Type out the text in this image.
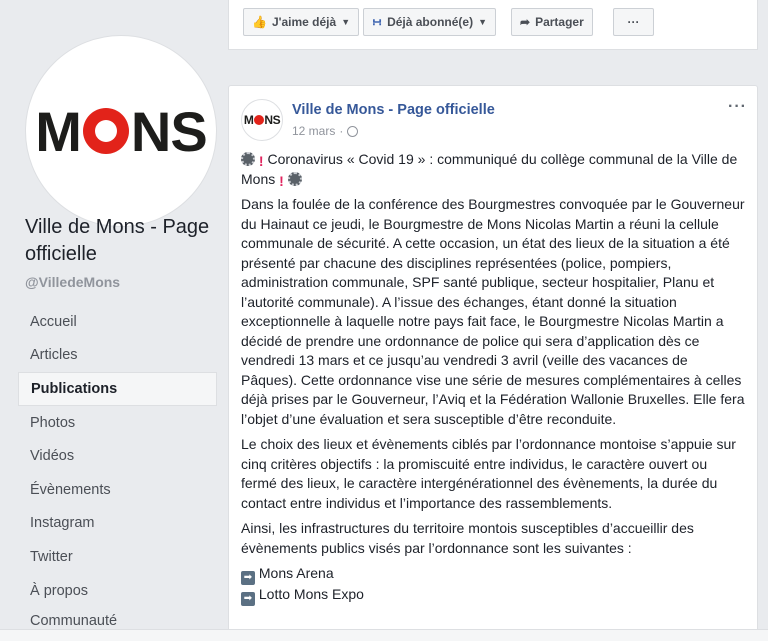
M NS
Ville de Mons - Page officielle
@VilledeMons
Accueil
Articles
Publications
Photos
Vidéos
Évènements
Instagram
Twitter
À propos
Communauté
👍 J'aime déjà ▼ ∺ Déjà abonné(e) ▼	➦ Partager	···
M NS
Ville de Mons - Page officielle
12 mars ·
···

! Coronavirus « Covid 19 » : communiqué du collège communal de la Ville de Mons !

Dans la foulée de la conférence des Bourgmestres convoquée par le Gouverneur du Hainaut ce jeudi, le Bourgmestre de Mons Nicolas Martin a réuni la cellule communale de sécurité. A cette occasion, un état des lieux de la situation a été présenté par chacune des disciplines représentées (police, pompiers, administration communale, SPF santé publique, secteur hospitalier, Planu et l’autorité communale). A l’issue des échanges, étant donné la situation exceptionnelle à laquelle notre pays fait face, le Bourgmestre Nicolas Martin a décidé de prendre une ordonnance de police qui sera d’application dès ce vendredi 13 mars et ce jusqu’au vendredi 3 avril (veille des vacances de Pâques). Cette ordonnance vise une série de mesures complémentaires à celles déjà prises par le Gouverneur, l’Aviq et la Fédération Wallonie Bruxelles. Elle fera l’objet d’une évaluation et sera susceptible d’être reconduite.

Le choix des lieux et évènements ciblés par l’ordonnance montoise s’appuie sur cinq critères objectifs : la promiscuité entre individus, le caractère ouvert ou fermé des lieux, le caractère intergénérationnel des évènements, la durée du contact entre individus et l’importance des rassemblements.

Ainsi, les infrastructures du territoire montois susceptibles d’accueillir des évènements publics visés par l’ordonnance sont les suivantes :

➡ Mons Arena
➡ Lotto Mons Expo
